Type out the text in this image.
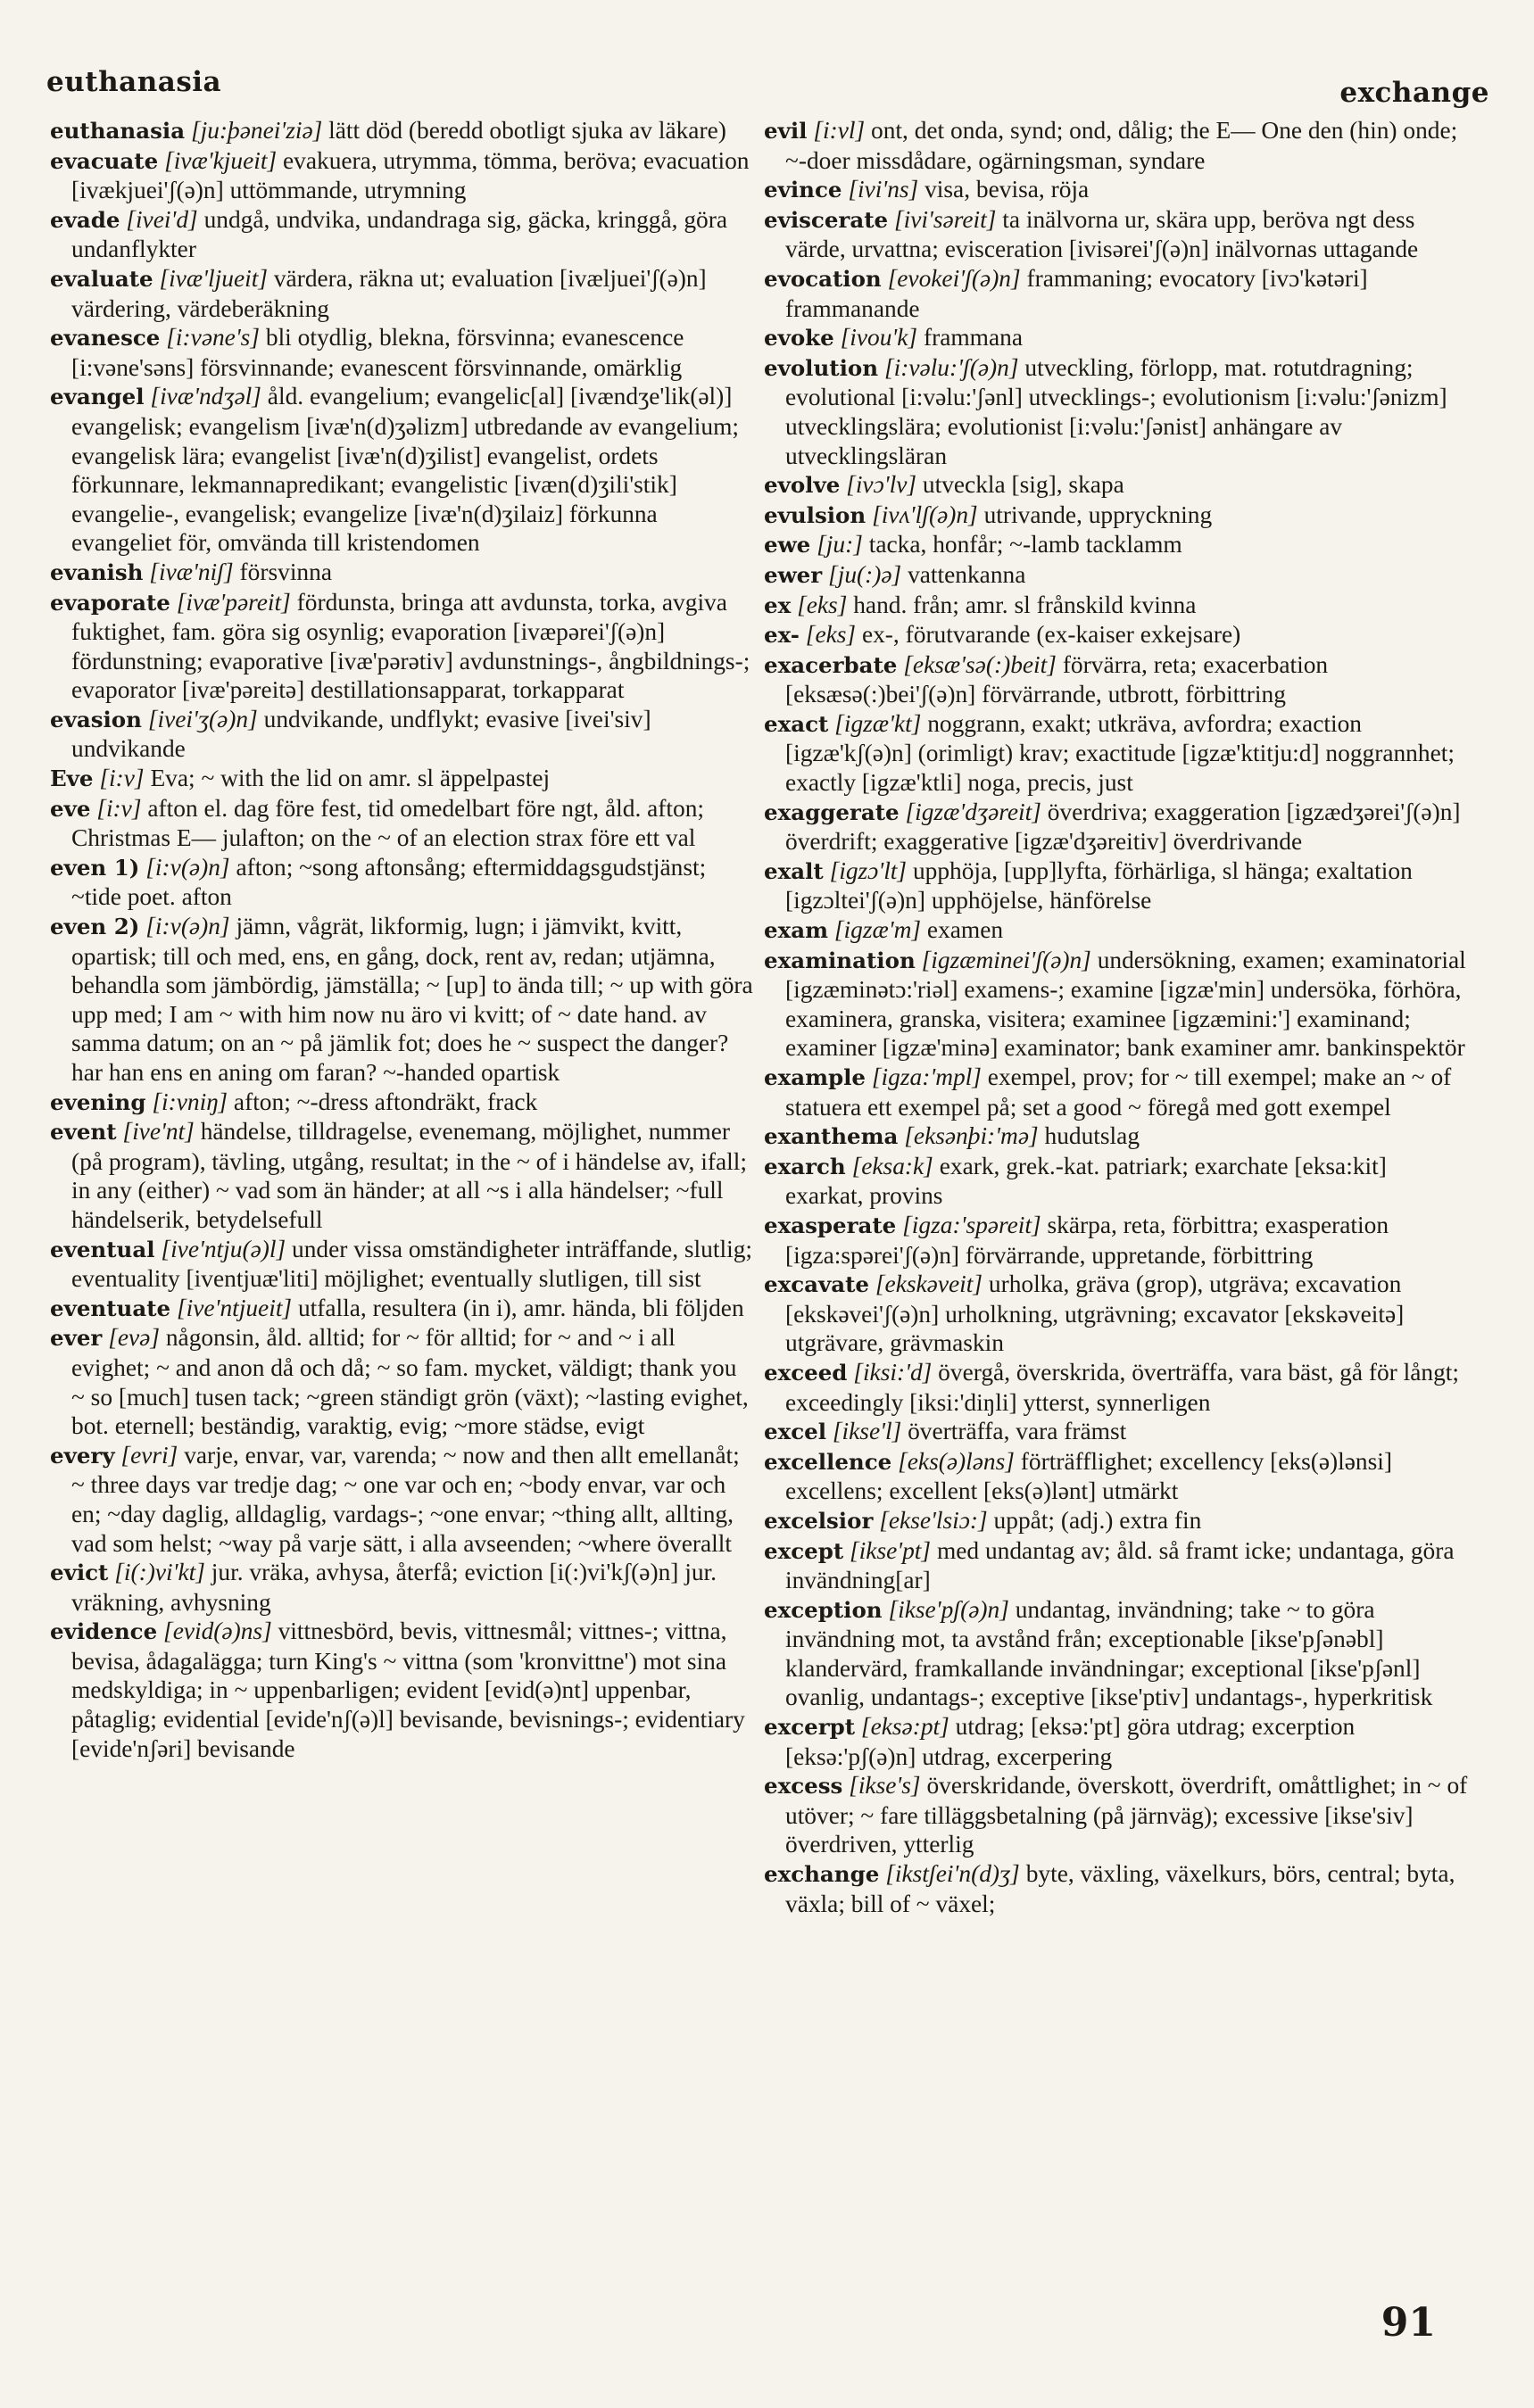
euthanasia	exchange

euthanasia [ju:þənei'ziə] lätt död (beredd obotligt sjuka av läkare)

evacuate [ivæ'kjueit] evakuera, utrymma, tömma, beröva; evacuation [ivækjuei'ʃ(ə)n] uttömmande, utrymning

evade [ivei'd] undgå, undvika, undandraga sig, gäcka, kringgå, göra undanflykter

evaluate [ivæ'ljueit] värdera, räkna ut; evaluation [ivæljuei'ʃ(ə)n] värdering, värdeberäkning

evanesce [i:vəne's] bli otydlig, blekna, försvinna; evanescence [i:vəne'səns] försvinnande; evanescent försvinnande, omärklig

evangel [ivæ'ndʒəl] åld. evangelium; evangelic[al] [ivændʒe'lik(əl)] evangelisk; evangelism [ivæ'n(d)ʒəlizm] utbredande av evangelium; evangelisk lära; evangelist [ivæ'n(d)ʒilist] evangelist, ordets förkunnare, lekmannapredikant; evangelistic [ivæn(d)ʒili'stik] evangelie-, evangelisk; evangelize [ivæ'n(d)ʒilaiz] förkunna evangeliet för, omvända till kristendomen

evanish [ivæ'niʃ] försvinna

evaporate [ivæ'pəreit] fördunsta, bringa att avdunsta, torka, avgiva fuktighet, fam. göra sig osynlig; evaporation [ivæpərei'ʃ(ə)n] fördunstning; evaporative [ivæ'pərətiv] avdunstnings-, ångbildnings-; evaporator [ivæ'pəreitə] destillationsapparat, torkapparat

evasion [ivei'ʒ(ə)n] undvikande, undflykt; evasive [ivei'siv] undvikande

Eve [i:v] Eva; ~ with the lid on amr. sl äppelpastej

eve [i:v] afton el. dag före fest, tid omedelbart före ngt, åld. afton; Christmas E— julafton; on the ~ of an election strax före ett val

even 1) [i:v(ə)n] afton; ~song aftonsång; eftermiddagsgudstjänst; ~tide poet. afton

even 2) [i:v(ə)n] jämn, vågrät, likformig, lugn; i jämvikt, kvitt, opartisk; till och med, ens, en gång, dock, rent av, redan; utjämna, behandla som jämbördig, jämställa; ~ [up] to ända till; ~ up with göra upp med; I am ~ with him now nu äro vi kvitt; of ~ date hand. av samma datum; on an ~ på jämlik fot; does he ~ suspect the danger? har han ens en aning om faran? ~-handed opartisk

evening [i:vniŋ] afton; ~-dress aftondräkt, frack

event [ive'nt] händelse, tilldragelse, evenemang, möjlighet, nummer (på program), tävling, utgång, resultat; in the ~ of i händelse av, ifall; in any (either) ~ vad som än händer; at all ~s i alla händelser; ~full händelserik, betydelsefull

eventual [ive'ntju(ə)l] under vissa omständigheter inträffande, slutlig; eventuality [iventjuæ'liti] möjlighet; eventually slutligen, till sist

eventuate [ive'ntjueit] utfalla, resultera (in i), amr. hända, bli följden

ever [evə] någonsin, åld. alltid; for ~ för alltid; for ~ and ~ i all evighet; ~ and anon då och då; ~ so fam. mycket, väldigt; thank you ~ so [much] tusen tack; ~green ständigt grön (växt); ~lasting evighet, bot. eternell; beständig, varaktig, evig; ~more städse, evigt

every [evri] varje, envar, var, varenda; ~ now and then allt emellanåt; ~ three days var tredje dag; ~ one var och en; ~body envar, var och en; ~day daglig, alldaglig, vardags-; ~one envar; ~thing allt, allting, vad som helst; ~way på varje sätt, i alla avseenden; ~where överallt

evict [i(:)vi'kt] jur. vräka, avhysa, återfå; eviction [i(:)vi'kʃ(ə)n] jur. vräkning, avhysning

evidence [evid(ə)ns] vittnesbörd, bevis, vittnesmål; vittnes-; vittna, bevisa, ådagalägga; turn King's ~ vittna (som 'kronvittne') mot sina medskyldiga; in ~ uppenbarligen; evident [evid(ə)nt] uppenbar, påtaglig; evidential [evide'nʃ(ə)l] bevisande, bevisnings-; evidentiary [evide'nʃəri] bevisande

evil [i:vl] ont, det onda, synd; ond, dålig; the E— One den (hin) onde; ~-doer missdådare, ogärningsman, syndare

evince [ivi'ns] visa, bevisa, röja

eviscerate [ivi'səreit] ta inälvorna ur, skära upp, beröva ngt dess värde, urvattna; evisceration [ivisərei'ʃ(ə)n] inälvornas uttagande

evocation [evokei'ʃ(ə)n] frammaning; evocatory [ivɔ'kətəri] frammanande

evoke [ivou'k] frammana

evolution [i:vəlu:'ʃ(ə)n] utveckling, förlopp, mat. rotutdragning; evolutional [i:vəlu:'ʃənl] utvecklings-; evolutionism [i:vəlu:'ʃənizm] utvecklingslära; evolutionist [i:vəlu:'ʃənist] anhängare av utvecklingsläran

evolve [ivɔ'lv] utveckla [sig], skapa

evulsion [ivʌ'lʃ(ə)n] utrivande, uppryckning

ewe [ju:] tacka, honfår; ~-lamb tacklamm

ewer [ju(:)ə] vattenkanna

ex [eks] hand. från; amr. sl frånskild kvinna

ex- [eks] ex-, förutvarande (ex-kaiser exkejsare)

exacerbate [eksæ'sə(:)beit] förvärra, reta; exacerbation [eksæsə(:)bei'ʃ(ə)n] förvärrande, utbrott, förbittring

exact [igzæ'kt] noggrann, exakt; utkräva, avfordra; exaction [igzæ'kʃ(ə)n] (orimligt) krav; exactitude [igzæ'ktitju:d] noggrannhet; exactly [igzæ'ktli] noga, precis, just

exaggerate [igzæ'dʒəreit] överdriva; exaggeration [igzædʒərei'ʃ(ə)n] överdrift; exaggerative [igzæ'dʒəreitiv] överdrivande

exalt [igzɔ'lt] upphöja, [upp]lyfta, förhärliga, sl hänga; exaltation [igzɔltei'ʃ(ə)n] upphöjelse, hänförelse

exam [igzæ'm] examen

examination [igzæminei'ʃ(ə)n] undersökning, examen; examinatorial [igzæminətɔ:'riəl] examens-; examine [igzæ'min] undersöka, förhöra, examinera, granska, visitera; examinee [igzæmini:'] examinand; examiner [igzæ'minə] examinator; bank examiner amr. bankinspektör

example [igza:'mpl] exempel, prov; for ~ till exempel; make an ~ of statuera ett exempel på; set a good ~ föregå med gott exempel

exanthema [eksənþi:'mə] hudutslag

exarch [eksa:k] exark, grek.-kat. patriark; exarchate [eksa:kit] exarkat, provins

exasperate [igza:'spəreit] skärpa, reta, förbittra; exasperation [igza:spərei'ʃ(ə)n] förvärrande, uppretande, förbittring

excavate [ekskəveit] urholka, gräva (grop), utgräva; excavation [ekskəvei'ʃ(ə)n] urholkning, utgrävning; excavator [ekskəveitə] utgrävare, grävmaskin

exceed [iksi:'d] övergå, överskrida, överträffa, vara bäst, gå för långt; exceedingly [iksi:'diŋli] ytterst, synnerligen

excel [ikse'l] överträffa, vara främst

excellence [eks(ə)ləns] förträfflighet; excellency [eks(ə)lənsi] excellens; excellent [eks(ə)lənt] utmärkt

excelsior [ekse'lsiɔ:] uppåt; (adj.) extra fin

except [ikse'pt] med undantag av; åld. så framt icke; undantaga, göra invändning[ar]

exception [ikse'pʃ(ə)n] undantag, invändning; take ~ to göra invändning mot, ta avstånd från; exceptionable [ikse'pʃənəbl] klandervärd, framkallande invändningar; exceptional [ikse'pʃənl] ovanlig, undantags-; exceptive [ikse'ptiv] undantags-, hyperkritisk

excerpt [eksə:pt] utdrag; [eksə:'pt] göra utdrag; excerption [eksə:'pʃ(ə)n] utdrag, excerpering

excess [ikse's] överskridande, överskott, överdrift, omåttlighet; in ~ of utöver; ~ fare tilläggsbetalning (på järnväg); excessive [ikse'siv] överdriven, ytterlig

exchange [ikstʃei'n(d)ʒ] byte, växling, växelkurs, börs, central; byta, växla; bill of ~ växel;

91
